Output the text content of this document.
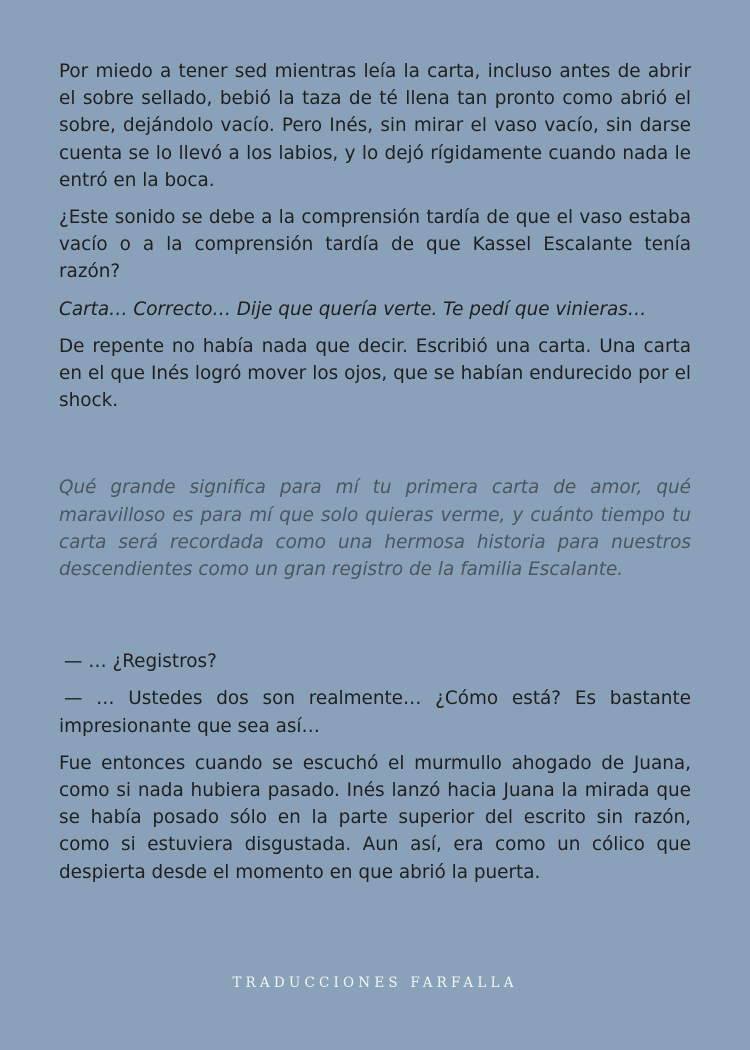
Por miedo a tener sed mientras leía la carta, incluso antes de abrir el sobre sellado, bebió la taza de té llena tan pronto como abrió el sobre, dejándolo vacío. Pero Inés, sin mirar el vaso vacío, sin darse cuenta se lo llevó a los labios, y lo dejó rígidamente cuando nada le entró en la boca.

¿Este sonido se debe a la comprensión tardía de que el vaso estaba vacío o a la comprensión tardía de que Kassel Escalante tenía razón?

Carta… Correcto… Dije que quería verte. Te pedí que vinieras…

De repente no había nada que decir. Escribió una carta. Una carta en el que Inés logró mover los ojos, que se habían endurecido por el shock.

Qué grande significa para mí tu primera carta de amor, qué maravilloso es para mí que solo quieras verme, y cuánto tiempo tu carta será recordada como una hermosa historia para nuestros descendientes como un gran registro de la familia Escalante.

— … ¿Registros?

— … Ustedes dos son realmente… ¿Cómo está? Es bastante impresionante que sea así…

Fue entonces cuando se escuchó el murmullo ahogado de Juana, como si nada hubiera pasado. Inés lanzó hacia Juana la mirada que se había posado sólo en la parte superior del escrito sin razón, como si estuviera disgustada. Aun así, era como un cólico que despierta desde el momento en que abrió la puerta.

TRADUCCIONES FARFALLA
